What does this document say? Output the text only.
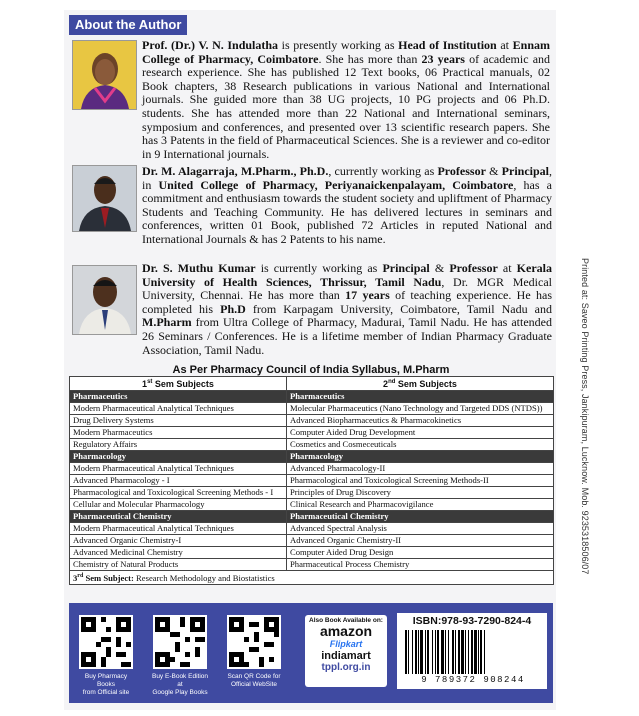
About the Author
Prof. (Dr.) V. N. Indulatha is presently working as Head of Institution at Ennam College of Pharmacy, Coimbatore. She has more than 23 years of academic and research experience. She has published 12 Text books, 06 Practical manuals, 02 Book chapters, 38 Research publications in various National and International journals. She guided more than 38 UG projects, 10 PG projects and 06 Ph.D. students. She has attended more than 22 National and International seminars, symposium and conferences, and presented over 13 scientific research papers. She has 3 Patents in the field of Pharmaceutical Sciences. She is a reviewer and co-editor in 9 International journals.
Dr. M. Alagarraja, M.Pharm., Ph.D., currently working as Professor & Principal, in United College of Pharmacy, Periyanaickenpalayam, Coimbatore, has a commitment and enthusiasm towards the student society and upliftment of Pharmacy Students and Teaching Community. He has delivered lectures in seminars and conferences, written 01 Book, published 72 Articles in reputed National and International Journals & has 2 Patents to his name.
Dr. S. Muthu Kumar is currently working as Principal & Professor at Kerala University of Health Sciences, Thrissur, Tamil Nadu, Dr. MGR Medical University, Chennai. He has more than 17 years of teaching experience. He has completed his Ph.D from Karpagam University, Coimbatore, Tamil Nadu and M.Pharm from Ultra College of Pharmacy, Madurai, Tamil Nadu. He has attended 26 Seminars / Conferences. He is a lifetime member of Indian Pharmacy Graduate Association, Tamil Nadu.	Printed at: Saveo Printing Press, Jankipuram, Lucknow. Mob. 9235318506/07
As Per Pharmacy Council of India Syllabus, M.Pharm
1st Sem Subjects	2nd Sem Subjects
Pharmaceutics	Pharmaceutics
Modern Pharmaceutical Analytical Techniques	Molecular Pharmaceutics (Nano Technology and Targeted DDS (NTDS))
Drug Delivery Systems	Advanced Biopharmaceutics & Pharmacokinetics
Modern Pharmaceutics	Computer Aided Drug Development
Regulatory Affairs	Cosmetics and Cosmeceuticals
Pharmacology	Pharmacology
Modern Pharmaceutical Analytical Techniques	Advanced Pharmacology-II
Advanced Pharmacology - I	Pharmacological and Toxicological Screening Methods-II
Pharmacological and Toxicological Screening Methods - I	Principles of Drug Discovery
Cellular and Molecular Pharmacology	Clinical Research and Pharmacovigilance
Pharmaceutical Chemistry	Pharmaceutical Chemistry
Modern Pharmaceutical Analytical Techniques	Advanced Spectral Analysis
Advanced Organic Chemistry-I	Advanced Organic Chemistry-II
Advanced Medicinal Chemistry	Computer Aided Drug Design
Chemistry of Natural Products	Pharmaceutical Process Chemistry
3rd Sem Subject: Research Methodology and Biostatistics	
Buy Pharmacy Books
from Official site
Buy E-Book Edition at
Google Play Books
Scan QR Code for
Official WebSite
Also Book Available on:
amazon
Flipkart
indiamart
tppl.org.in
ISBN:978-93-7290-824-4
9 789372 908244
